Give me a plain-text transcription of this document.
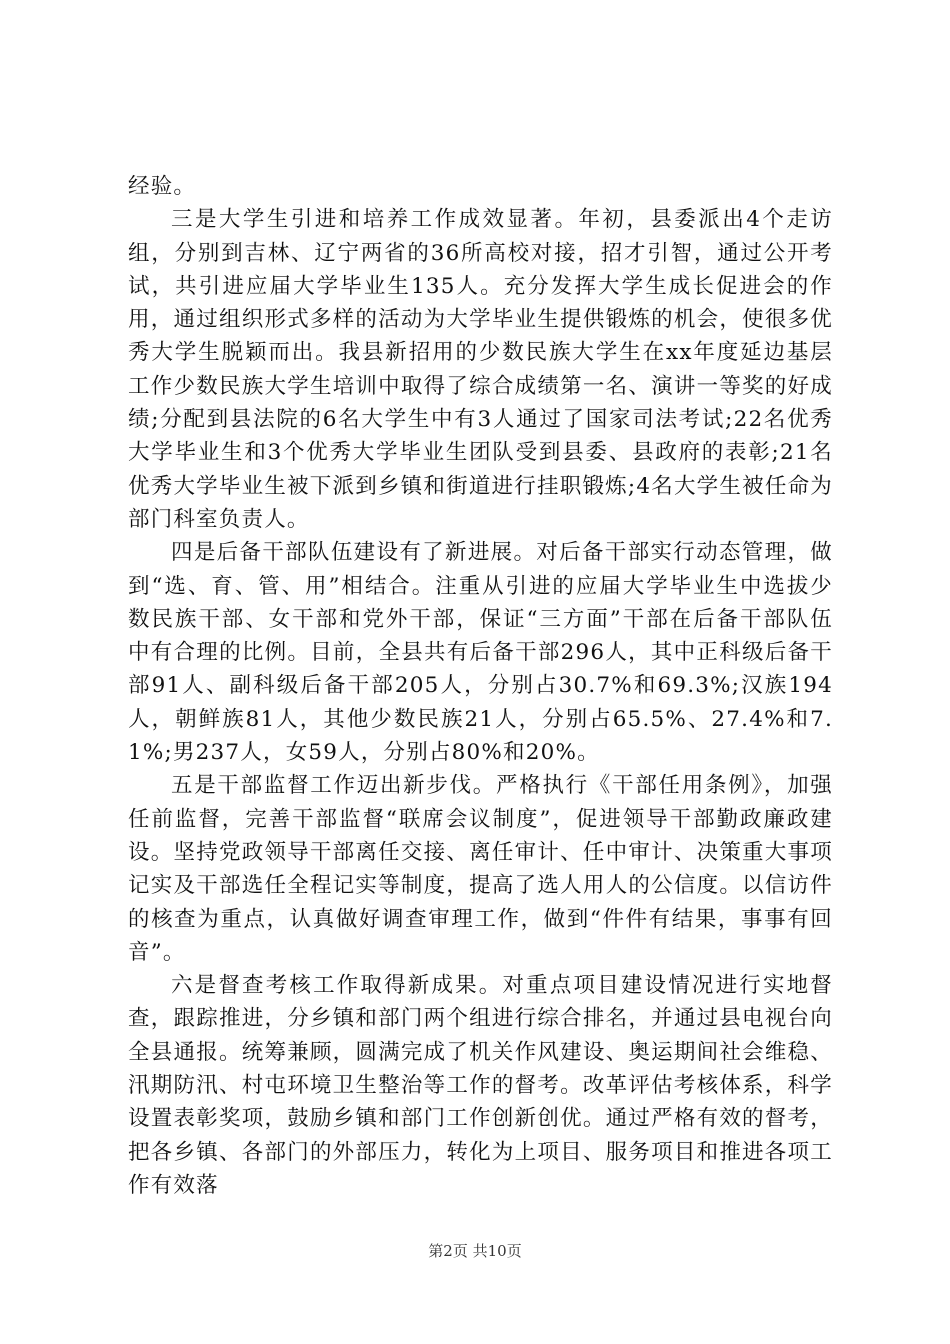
经验。

三是大学生引进和培养工作成效显著。年初，县委派出4个走访组，分别到吉林、辽宁两省的36所高校对接，招才引智，通过公开考试，共引进应届大学毕业生135人。充分发挥大学生成长促进会的作用，通过组织形式多样的活动为大学毕业生提供锻炼的机会，使很多优秀大学生脱颖而出。我县新招用的少数民族大学生在xx年度延边基层工作少数民族大学生培训中取得了综合成绩第一名、演讲一等奖的好成绩;分配到县法院的6名大学生中有3人通过了国家司法考试;22名优秀大学毕业生和3个优秀大学毕业生团队受到县委、县政府的表彰;21名优秀大学毕业生被下派到乡镇和街道进行挂职锻炼;4名大学生被任命为部门科室负责人。

四是后备干部队伍建设有了新进展。对后备干部实行动态管理，做到“选、育、管、用”相结合。注重从引进的应届大学毕业生中选拔少数民族干部、女干部和党外干部，保证“三方面”干部在后备干部队伍中有合理的比例。目前，全县共有后备干部296人，其中正科级后备干部91人、副科级后备干部205人，分别占30.7%和69.3%;汉族194人，朝鲜族81人，其他少数民族21人，分别占65.5%、27.4%和7.1%;男237人，女59人，分别占80%和20%。

五是干部监督工作迈出新步伐。严格执行《干部任用条例》，加强任前监督，完善干部监督“联席会议制度”，促进领导干部勤政廉政建设。坚持党政领导干部离任交接、离任审计、任中审计、决策重大事项记实及干部选任全程记实等制度，提高了选人用人的公信度。以信访件的核查为重点，认真做好调查审理工作，做到“件件有结果，事事有回音”。

六是督查考核工作取得新成果。对重点项目建设情况进行实地督查，跟踪推进，分乡镇和部门两个组进行综合排名，并通过县电视台向全县通报。统筹兼顾，圆满完成了机关作风建设、奥运期间社会维稳、汛期防汛、村屯环境卫生整治等工作的督考。改革评估考核体系，科学设置表彰奖项，鼓励乡镇和部门工作创新创优。通过严格有效的督考，把各乡镇、各部门的外部压力，转化为上项目、服务项目和推进各项工作有效落

第2页 共10页
